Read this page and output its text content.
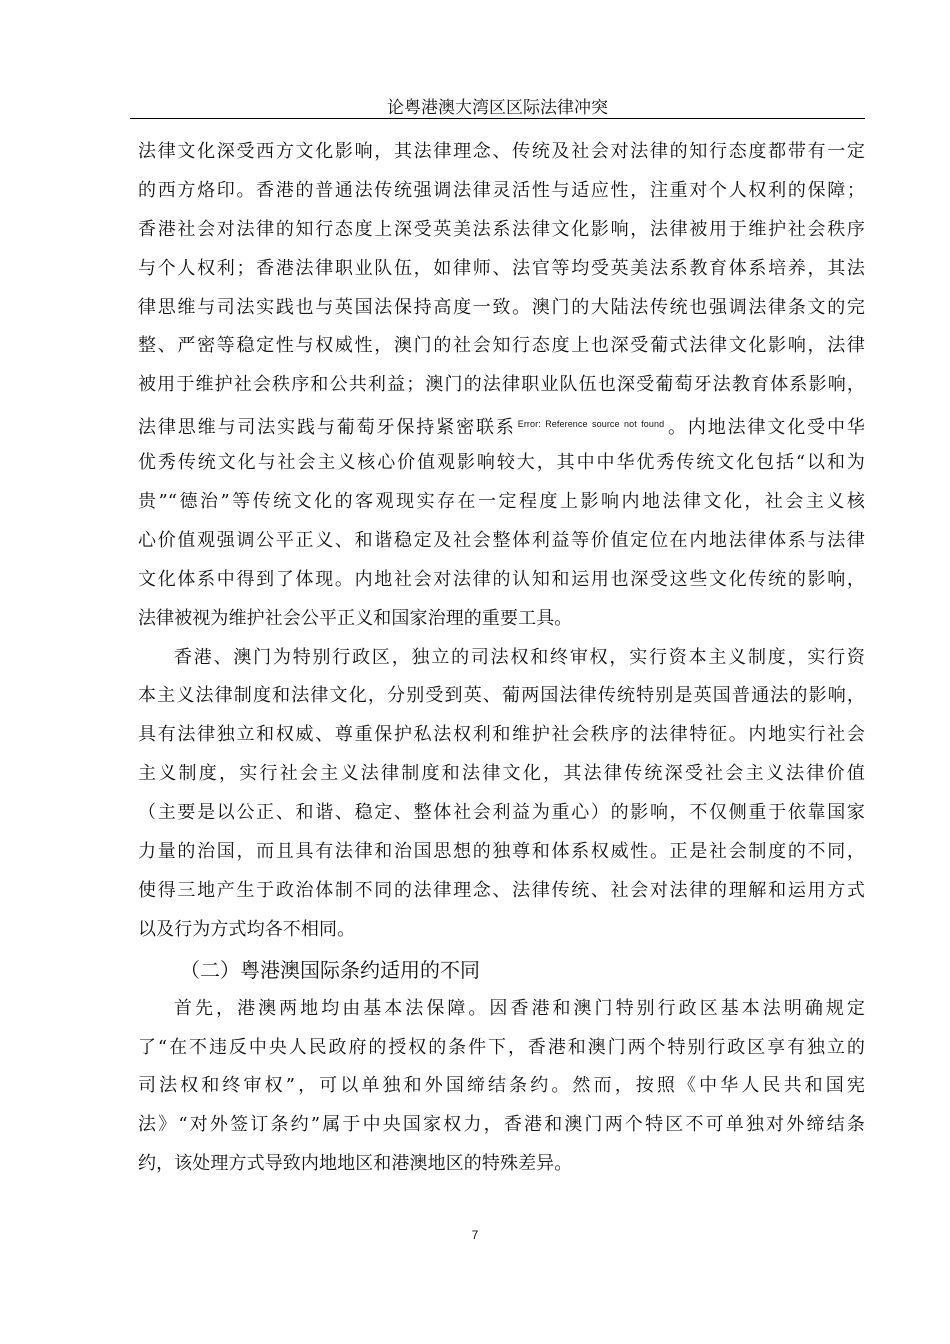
论粤港澳大湾区区际法律冲突
法律文化深受西方文化影响，其法律理念、传统及社会对法律的知行态度都带有一定
的西方烙印。香港的普通法传统强调法律灵活性与适应性，注重对个人权利的保障；
香港社会对法律的知行态度上深受英美法系法律文化影响，法律被用于维护社会秩序
与个人权利；香港法律职业队伍，如律师、法官等均受英美法系教育体系培养，其法
律思维与司法实践也与英国法保持高度一致。澳门的大陆法传统也强调法律条文的完
整、严密等稳定性与权威性，澳门的社会知行态度上也深受葡式法律文化影响，法律
被用于维护社会秩序和公共利益；澳门的法律职业队伍也深受葡萄牙法教育体系影响，
法律思维与司法实践与葡萄牙保持紧密联系 $^{Error: Reference source not found}$ 。内地法律文化受中华
优秀传统文化与社会主义核心价值观影响较大，其中中华优秀传统文化包括“以和为
贵”“德治”等传统文化的客观现实存在一定程度上影响内地法律文化，社会主义核
心价值观强调公平正义、和谐稳定及社会整体利益等价值定位在内地法律体系与法律
文化体系中得到了体现。内地社会对法律的认知和运用也深受这些文化传统的影响，
法律被视为维护社会公平正义和国家治理的重要工具。
香港、澳门为特别行政区，独立的司法权和终审权，实行资本主义制度，实行资
本主义法律制度和法律文化，分别受到英、葡两国法律传统特别是英国普通法的影响，
具有法律独立和权威、尊重保护私法权利和维护社会秩序的法律特征。内地实行社会
主义制度，实行社会主义法律制度和法律文化，其法律传统深受社会主义法律价值
（主要是以公正、和谐、稳定、整体社会利益为重心）的影响，不仅侧重于依靠国家
力量的治国，而且具有法律和治国思想的独尊和体系权威性。正是社会制度的不同，
使得三地产生于政治体制不同的法律理念、法律传统、社会对法律的理解和运用方式
以及行为方式均各不相同。
（二）粤港澳国际条约适用的不同
首先，港澳两地均由基本法保障。因香港和澳门特别行政区基本法明确规定
了“在不违反中央人民政府的授权的条件下，香港和澳门两个特别行政区享有独立的
司法权和终审权”，可以单独和外国缔结条约。然而，按照《中华人民共和国宪
法》“对外签订条约”属于中央国家权力，香港和澳门两个特区不可单独对外缔结条
约，该处理方式导致内地地区和港澳地区的特殊差异。
7
